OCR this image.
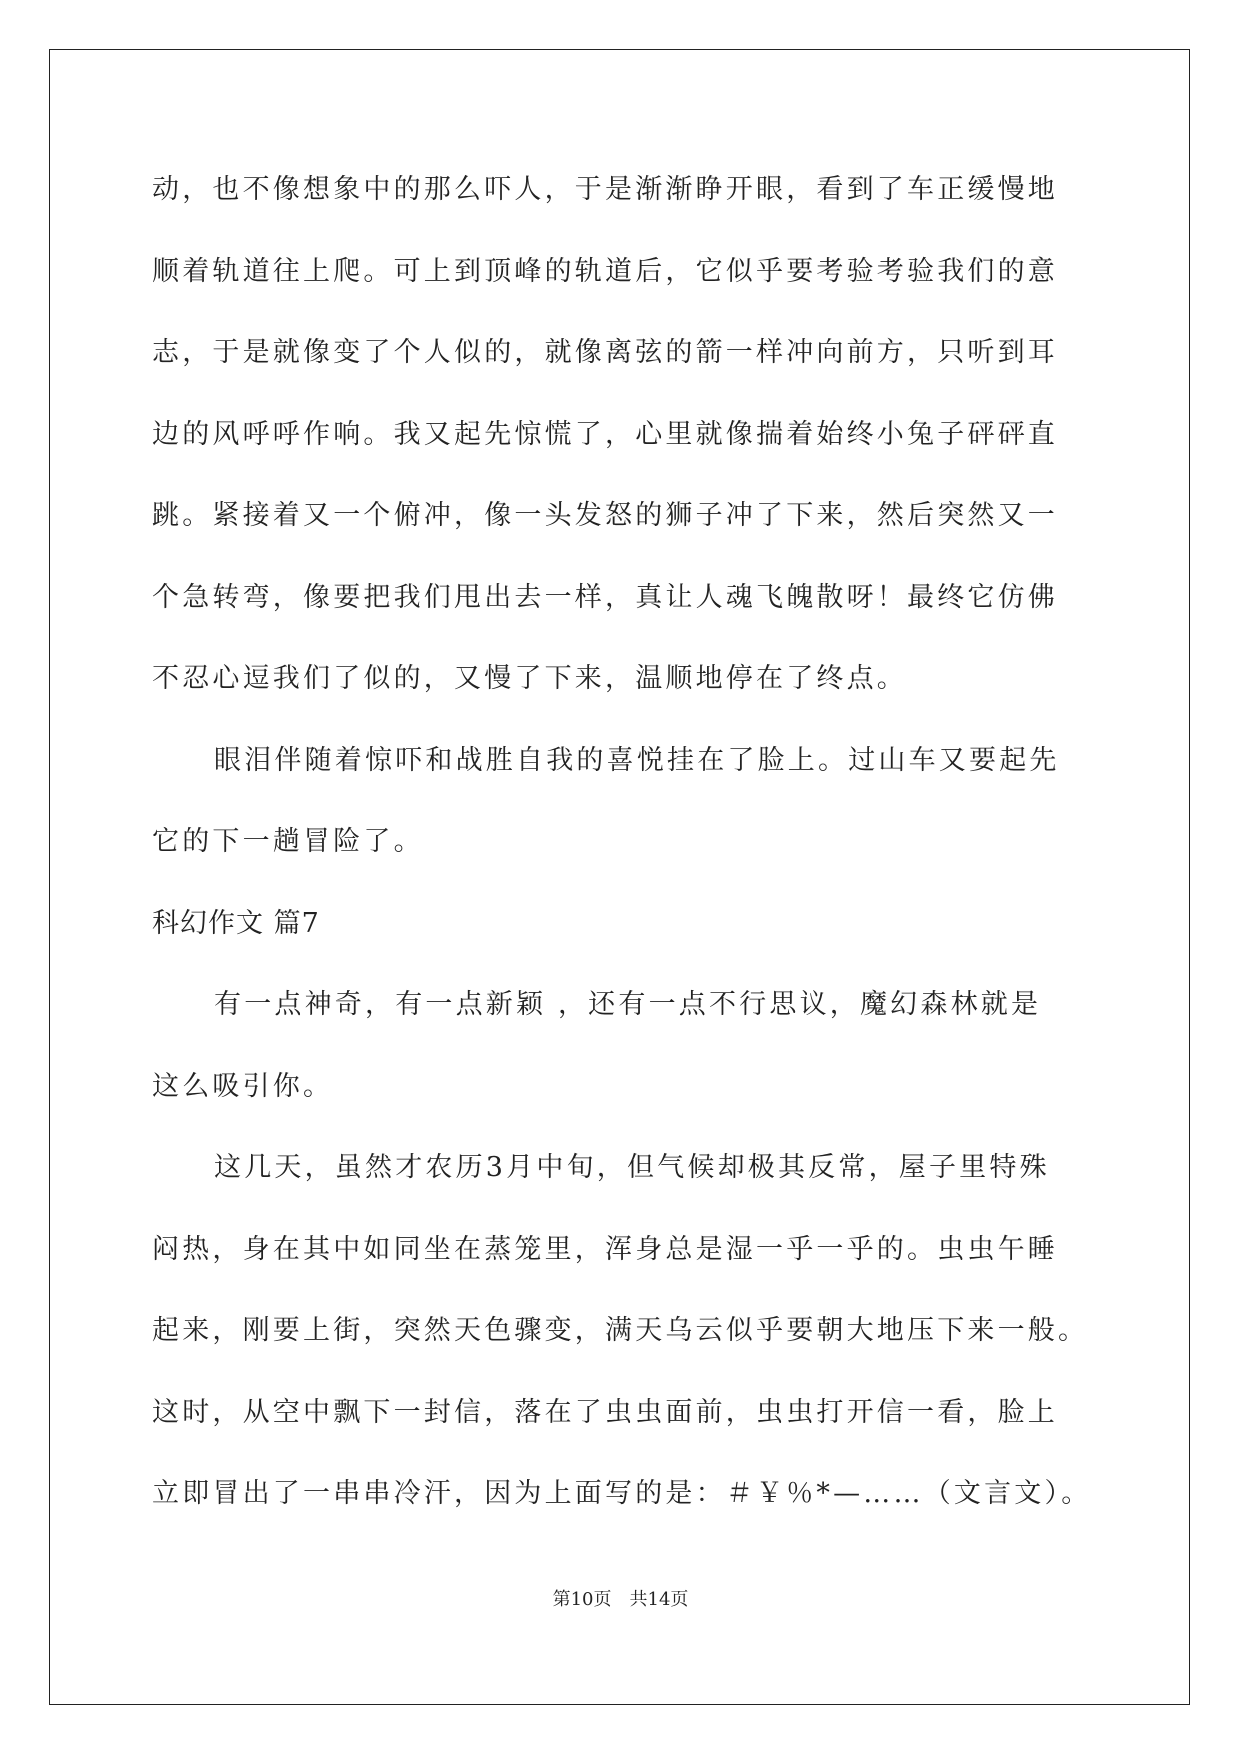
动，也不像想象中的那么吓人，于是渐渐睁开眼，看到了车正缓慢地
顺着轨道往上爬。可上到顶峰的轨道后，它似乎要考验考验我们的意
志，于是就像变了个人似的，就像离弦的箭一样冲向前方，只听到耳
边的风呼呼作响。我又起先惊慌了，心里就像揣着始终小兔子砰砰直
跳。紧接着又一个俯冲，像一头发怒的狮子冲了下来，然后突然又一
个急转弯，像要把我们甩出去一样，真让人魂飞魄散呀！最终它仿佛
不忍心逗我们了似的，又慢了下来，温顺地停在了终点。
眼泪伴随着惊吓和战胜自我的喜悦挂在了脸上。过山车又要起先
它的下一趟冒险了。
科幻作文 篇7
有一点神奇，有一点新颖 ，还有一点不行思议，魔幻森林就是
这么吸引你。
这几天，虽然才农历3月中旬，但气候却极其反常，屋子里特殊
闷热，身在其中如同坐在蒸笼里，浑身总是湿一乎一乎的。虫虫午睡
起来，刚要上街，突然天色骤变，满天乌云似乎要朝大地压下来一般。
这时，从空中飘下一封信，落在了虫虫面前，虫虫打开信一看，脸上
立即冒出了一串串冷汗，因为上面写的是：＃￥％*—……（文言文）。
第10页　共14页
